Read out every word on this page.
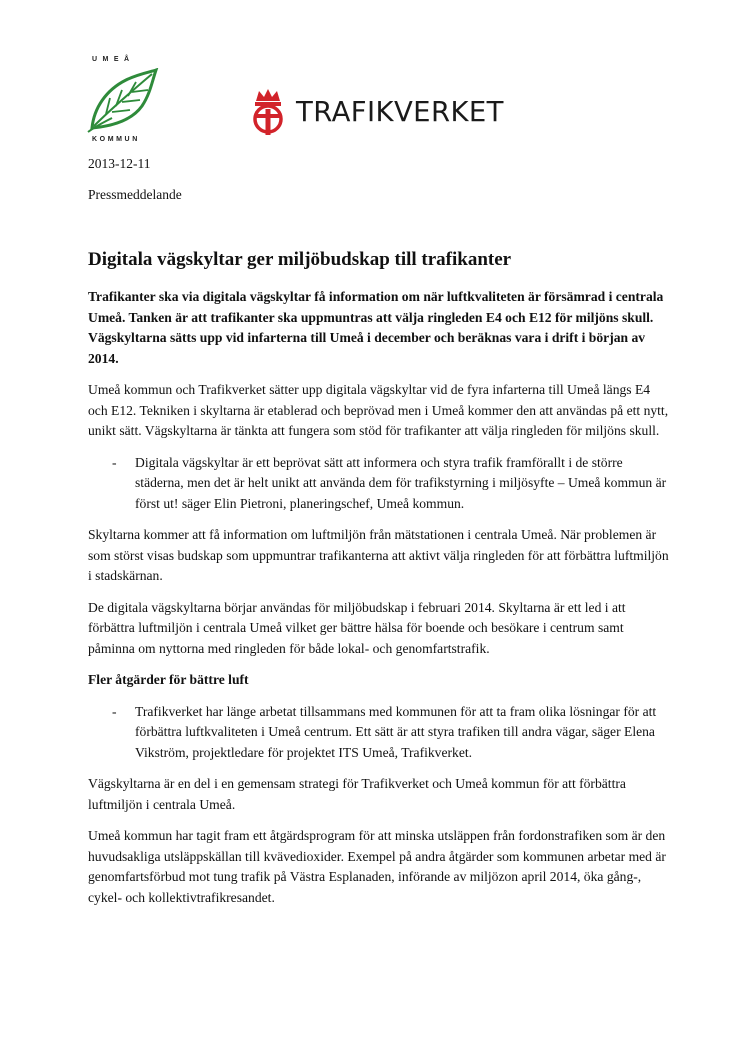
UMEÅ
KOMMUN
TRAFIKVERKET
2013-12-11
Pressmeddelande
Digitala vägskyltar ger miljöbudskap till trafikanter

Trafikanter ska via digitala vägskyltar få information om när luftkvaliteten är försämrad i centrala Umeå. Tanken är att trafikanter ska uppmuntras att välja ringleden E4 och E12 för miljöns skull. Vägskyltarna sätts upp vid infarterna till Umeå i december och beräknas vara i drift i början av 2014.

Umeå kommun och Trafikverket sätter upp digitala vägskyltar vid de fyra infarterna till Umeå längs E4 och E12. Tekniken i skyltarna är etablerad och beprövad men i Umeå kommer den att användas på ett nytt, unikt sätt. Vägskyltarna är tänkta att fungera som stöd för trafikanter att välja ringleden för miljöns skull.

- Digitala vägskyltar är ett beprövat sätt att informera och styra trafik framförallt i de större städerna, men det är helt unikt att använda dem för trafikstyrning i miljösyfte – Umeå kommun är först ut! säger Elin Pietroni, planeringschef, Umeå kommun.

Skyltarna kommer att få information om luftmiljön från mätstationen i centrala Umeå. När problemen är som störst visas budskap som uppmuntrar trafikanterna att aktivt välja ringleden för att förbättra luftmiljön i stadskärnan.

De digitala vägskyltarna börjar användas för miljöbudskap i februari 2014. Skyltarna är ett led i att förbättra luftmiljön i centrala Umeå vilket ger bättre hälsa för boende och besökare i centrum samt påminna om nyttorna med ringleden för både lokal- och genomfartstrafik.

Fler åtgärder för bättre luft

- Trafikverket har länge arbetat tillsammans med kommunen för att ta fram olika lösningar för att förbättra luftkvaliteten i Umeå centrum. Ett sätt är att styra trafiken till andra vägar, säger Elena Vikström, projektledare för projektet ITS Umeå, Trafikverket.

Vägskyltarna är en del i en gemensam strategi för Trafikverket och Umeå kommun för att förbättra luftmiljön i centrala Umeå.

Umeå kommun har tagit fram ett åtgärdsprogram för att minska utsläppen från fordonstrafiken som är den huvudsakliga utsläppskällan till kvävedioxider. Exempel på andra åtgärder som kommunen arbetar med är genomfartsförbud mot tung trafik på Västra Esplanaden, införande av miljözon april 2014, öka gång-, cykel- och kollektivtrafikresandet.
